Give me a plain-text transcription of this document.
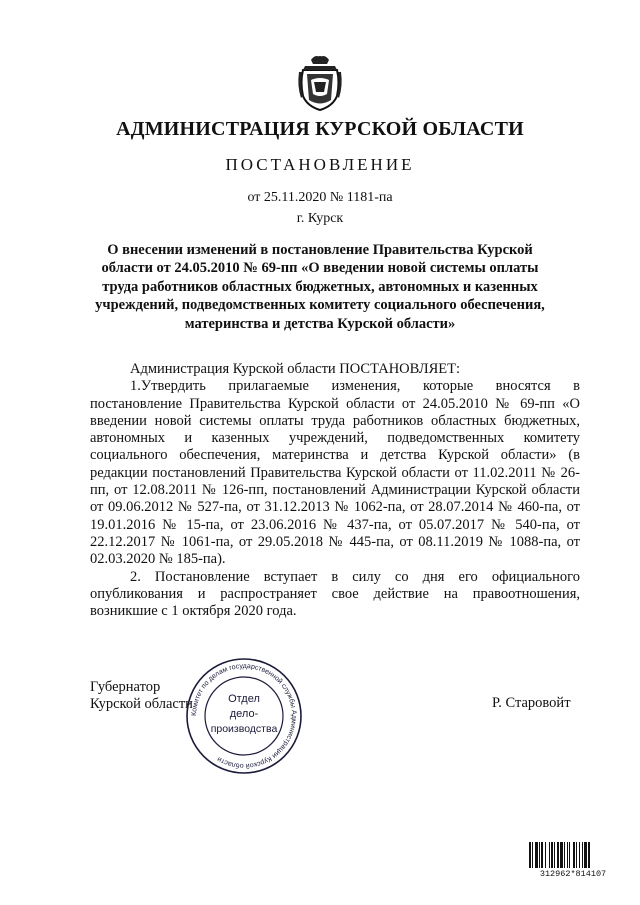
АДМИНИСТРАЦИЯ КУРСКОЙ ОБЛАСТИ
ПОСТАНОВЛЕНИЕ
от 25.11.2020 № 1181-па
г. Курск
О внесении изменений в постановление Правительства Курской области от 24.05.2010 № 69-пп «О введении новой системы оплаты труда работников областных бюджетных, автономных и казенных учреждений, подведомственных комитету социального обеспечения, материнства и детства Курской области»

Администрация Курской области ПОСТАНОВЛЯЕТ:

1.Утвердить прилагаемые изменения, которые вносятся в постановление Правительства Курской области от 24.05.2010 № 69-пп «О введении новой системы оплаты труда работников областных бюджетных, автономных и казенных учреждений, подведомственных комитету социального обеспечения, материнства и детства Курской области» (в редакции постановлений Правительства Курской области от 11.02.2011 № 26-пп, от 12.08.2011 № 126-пп, постановлений Администрации Курской области от 09.06.2012 № 527-па, от 31.12.2013 № 1062-па, от 28.07.2014 № 460-па, от 19.01.2016 № 15-па, от 23.06.2016 № 437-па, от 05.07.2017 № 540-па, от 22.12.2017 № 1061-па, от 29.05.2018 № 445-па, от 08.11.2019 № 1088-па, от 02.03.2020 № 185-па).

2. Постановление вступает в силу со дня его официального опубликования и распространяет свое действие на правоотношения, возникшие с 1 октября 2020 года.

Губернатор
Курской области
Комитет по делам государственной службы Администрации Курской области
Отдел
дело-
производства
Р. Старовойт
312962*814107
